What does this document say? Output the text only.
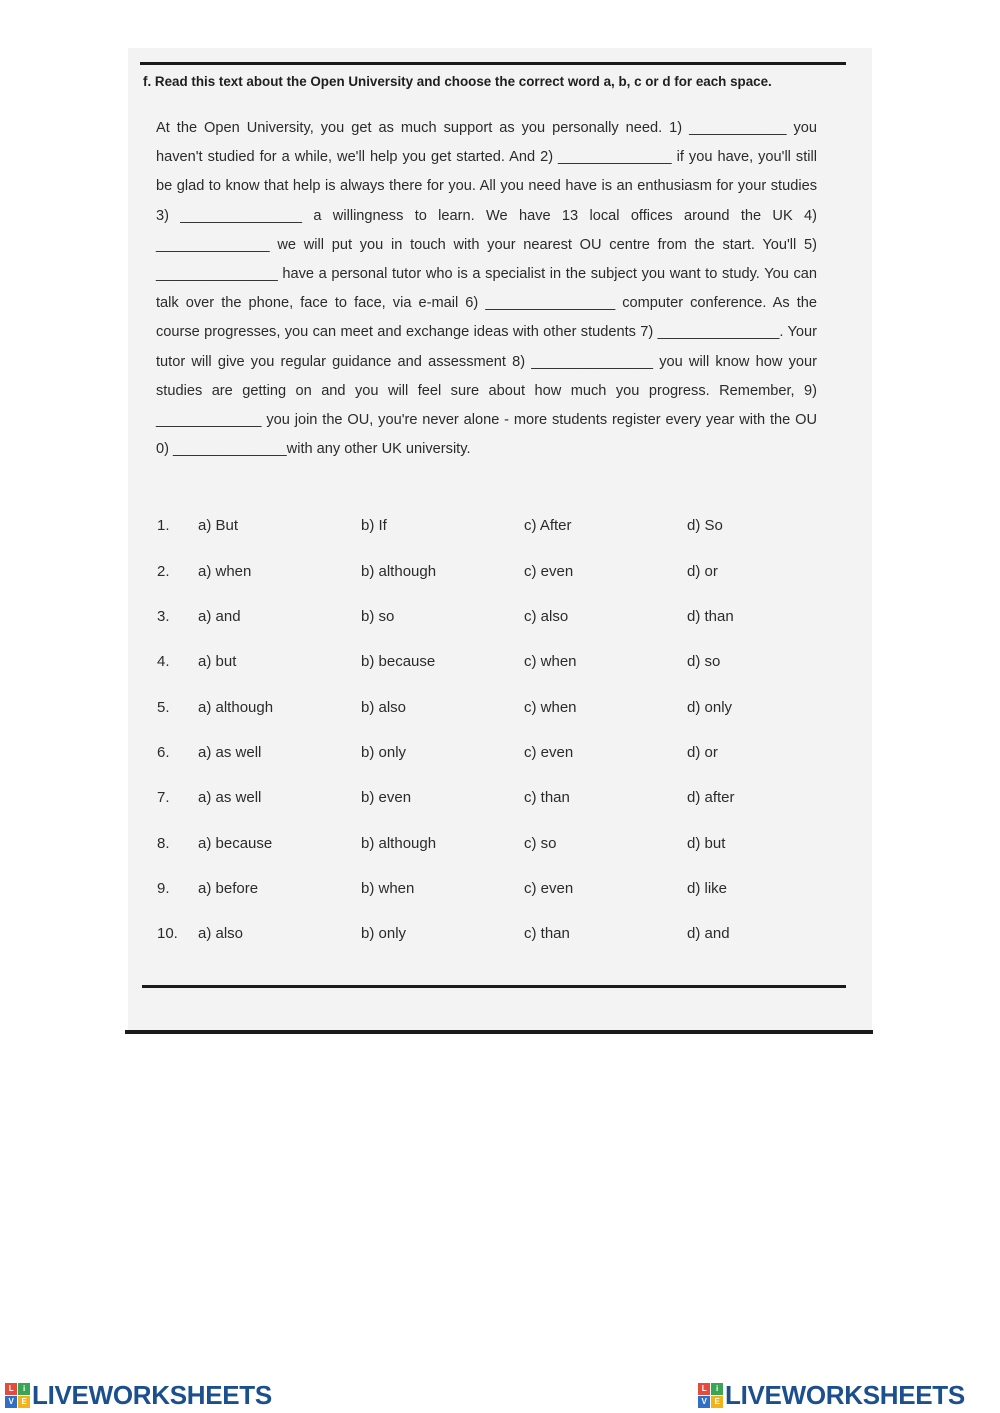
f. Read this text about the Open University and choose the correct word a, b, c or d for each space.
At the Open University, you get as much support as you personally need. 1) ____________ you haven't studied for a while, we'll help you get started. And 2) ______________ if you have, you'll still be glad to know that help is always there for you. All you need have is an enthusiasm for your studies 3) _______________ a willingness to learn. We have 13 local offices around the UK 4) ______________ we will put you in touch with your nearest OU centre from the start. You'll 5) _______________ have a personal tutor who is a specialist in the subject you want to study. You can talk over the phone, face to face, via e-mail 6) ________________ computer conference. As the course progresses, you can meet and exchange ideas with other students 7) _______________. Your tutor will give you regular guidance and assessment 8) _______________ you will know how your studies are getting on and you will feel sure about how much you progress. Remember, 9) _____________ you join the OU, you're never alone - more students register every year with the OU 0) ______________with any other UK university.
1. a) But	b) If	c) After	d) So
2. a) when	b) although	c) even	d) or
3. a) and	b) so	c) also	d) than
4. a) but	b) because	c) when	d) so
5. a) although	b) also	c) when	d) only
6. a) as well	b) only	c) even	d) or
7. a) as well	b) even	c) than	d) after
8. a) because	b) although	c) so	d) but
9. a) before	b) when	c) even	d) like
10. a) also	b) only	c) than	d) and
L	i
V E LIVEWORKSHEETS	L	i
V E LIVEWORKSHEETS
